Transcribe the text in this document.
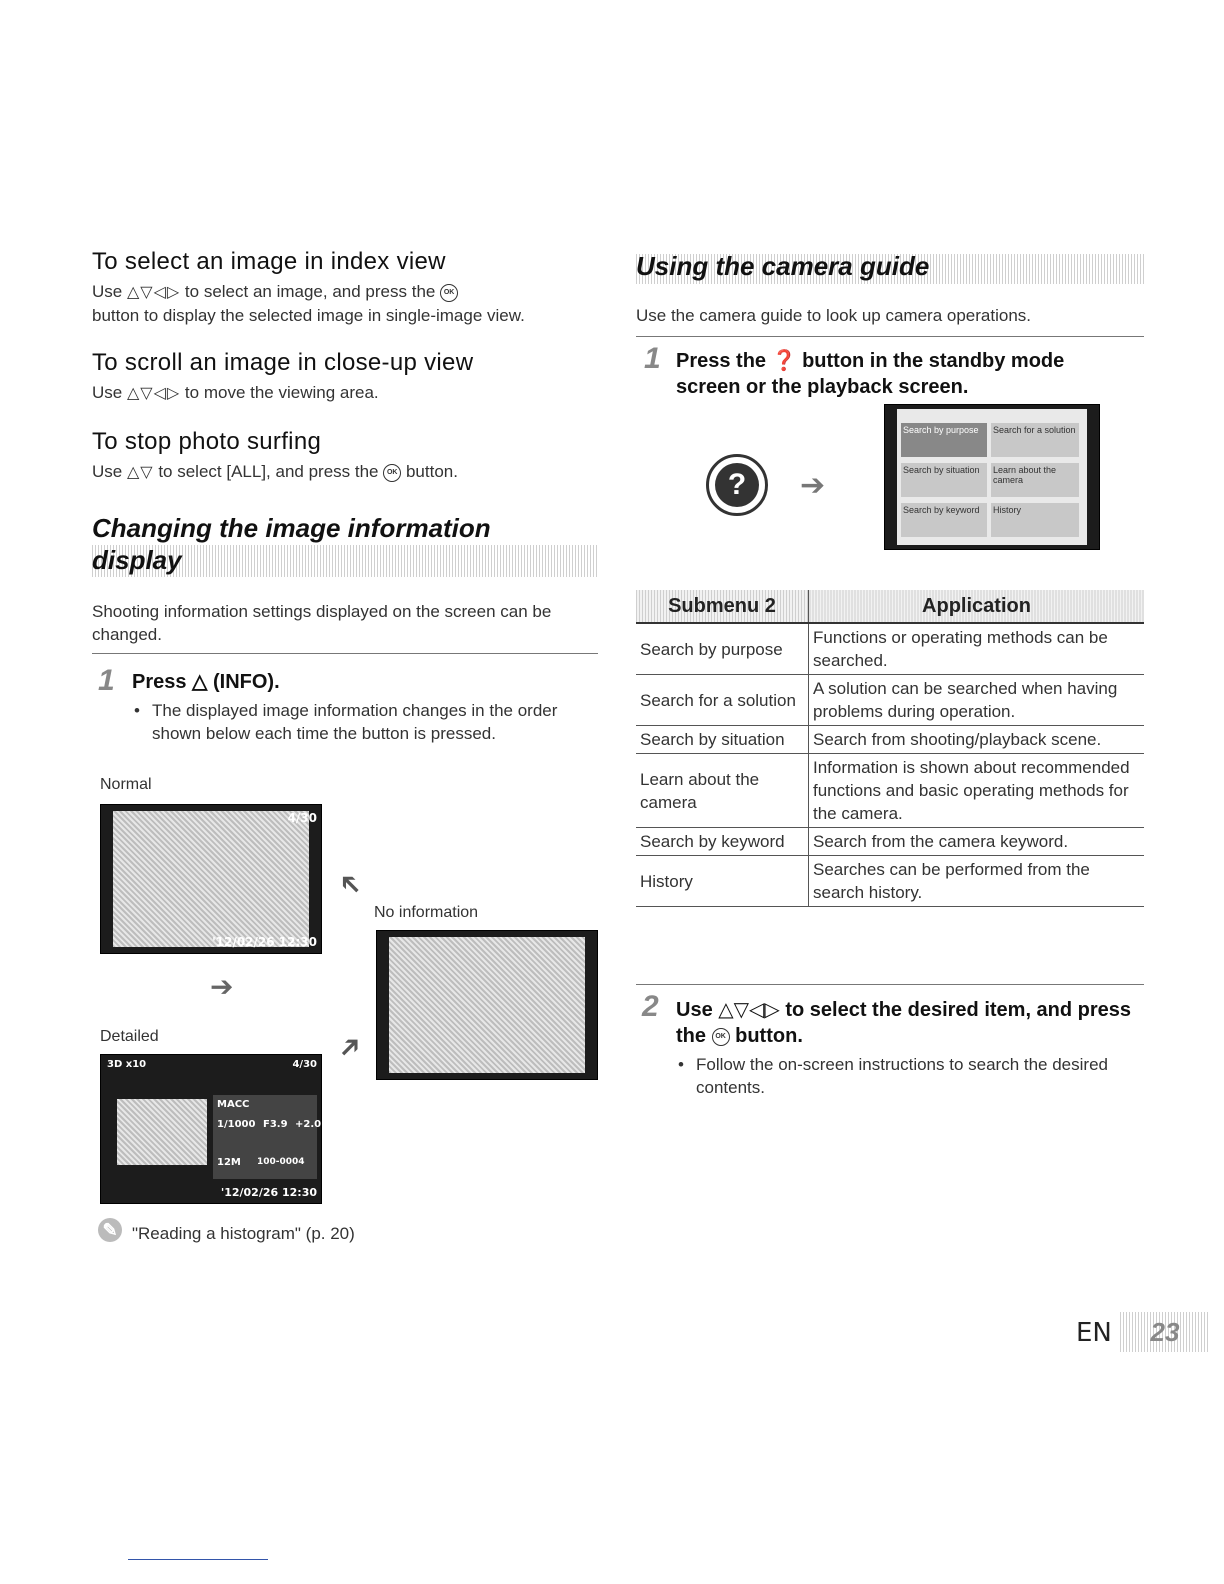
To select an image in index view
Use △▽◁▷ to select an image, and press the OK
button to display the selected image in single-image view.
To scroll an image in close-up view
Use △▽◁▷ to move the viewing area.
To stop photo surfing
Use △▽ to select [ALL], and press the OK button.
Changing the image information
display
Shooting information settings displayed on the screen can be changed.
1 Press △ (INFO).
• The displayed image information changes in the order shown below each time the button is pressed.
Normal
4/30
'12/02/26 12:30
➔
➔
➔
No information
Detailed
3D x10	4/30
MACC
1/1000 F3.9 +2.0
12M 100-0004
'12/02/26 12:30
✎ "Reading a histogram" (p. 20)
Using the camera guide
Use the camera guide to look up camera operations.
1 Press the ❓ button in the standby mode screen or the playback screen.
?	➔
Search by purpose	Search for a solution
Search by situation	Learn about the camera
Search by keyword	History
Submenu 2	Application
Search by purpose	Functions or operating methods can be searched.
Search for a solution	A solution can be searched when having problems during operation.
Search by situation	Search from shooting/playback scene.
Learn about the camera	Information is shown about recommended functions and basic operating methods for the camera.
Search by keyword	Search from the camera keyword.
History	Searches can be performed from the search history.
2 Use △▽◁▷ to select the desired item, and press the OK button.
• Follow the on-screen instructions to search the desired contents.
EN	23
